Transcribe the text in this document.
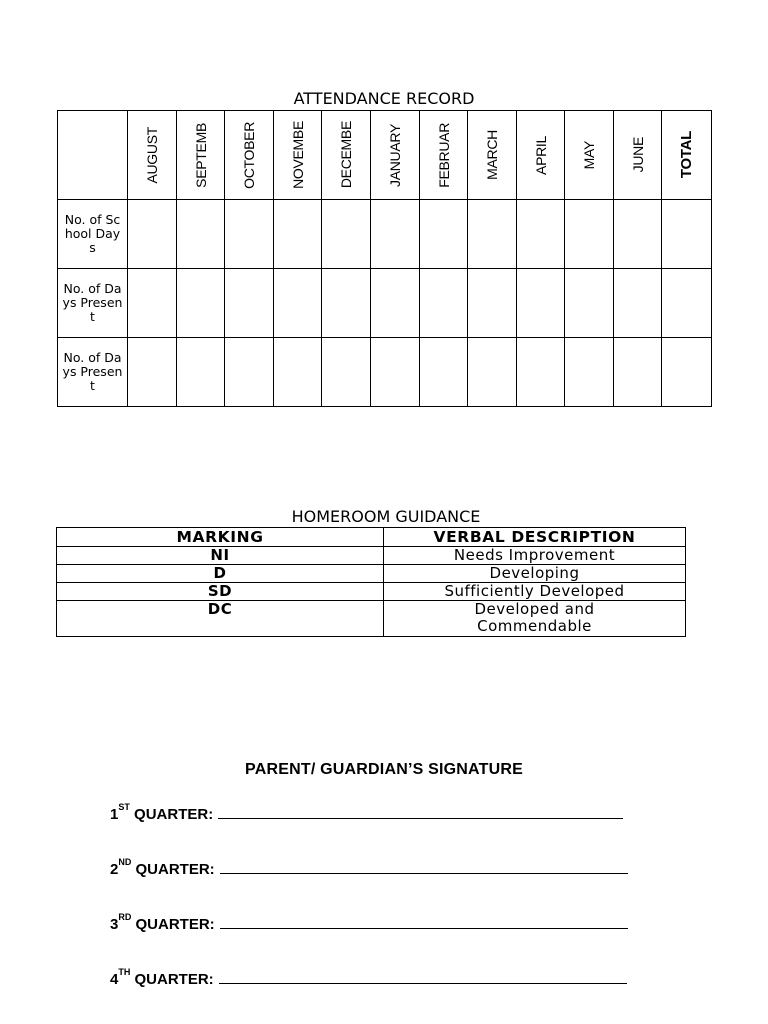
ATTENDANCE RECORD

	AUGUST	SEPTEMB	OCTOBER	NOVEMBE	DECEMBE	JANUARY	FEBRUAR	MARCH	APRIL	MAY	JUNE	TOTAL

No. of School Days												
No. of Days Present												
No. of Days Present												
HOMEROOM GUIDANCE
MARKING	VERBAL DESCRIPTION
NI	Needs Improvement
D	Developing
SD	Sufficiently Developed
DC	Developed and Commendable
PARENT/ GUARDIAN’S SIGNATURE
1ST QUARTER:
2ND QUARTER:
3RD QUARTER:
4TH QUARTER:
